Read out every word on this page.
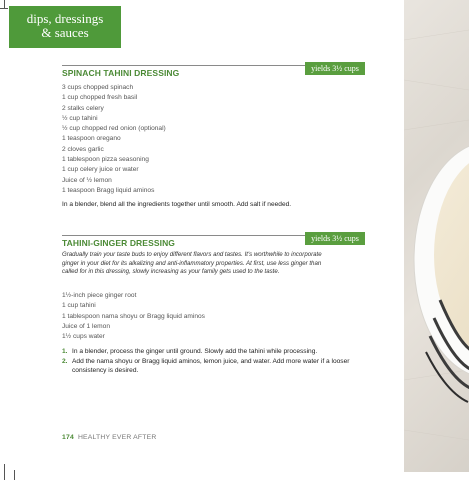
dips, dressings
& sauces
yields 3½ cups
SPINACH TAHINI DRESSING
3 cups chopped spinach
1 cup chopped fresh basil
2 stalks celery
½ cup tahini
½ cup chopped red onion (optional)
1 teaspoon oregano
2 cloves garlic
1 tablespoon pizza seasoning
1 cup celery juice or water
Juice of ½ lemon
1 teaspoon Bragg liquid aminos
In a blender, blend all the ingredients together until smooth. Add salt if needed.
yields 3½ cups
TAHINI-GINGER DRESSING
Gradually train your taste buds to enjoy different flavors and tastes. It's worthwhile to incorporate ginger in your diet for its alkalizing and anti-inflammatory properties. At first, use less ginger than called for in this dressing, slowly increasing as your family gets used to the taste.
1½-inch piece ginger root
1 cup tahini
1 tablespoon nama shoyu or Bragg liquid aminos
Juice of 1 lemon
1½ cups water
1. In a blender, process the ginger until ground. Slowly add the tahini while processing.
2. Add the nama shoyu or Bragg liquid aminos, lemon juice, and water. Add more water if a looser consistency is desired.
174 HEALTHY EVER AFTER
